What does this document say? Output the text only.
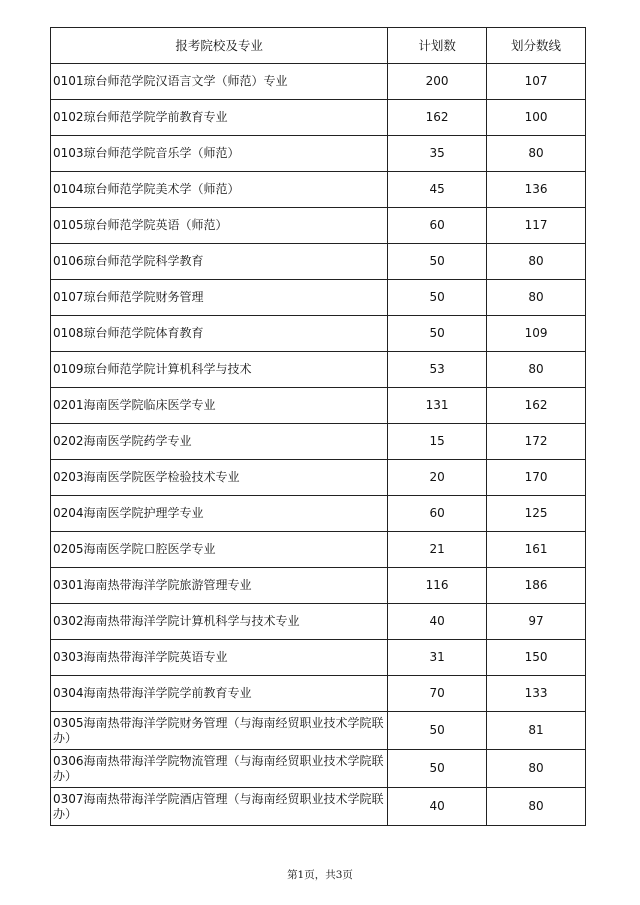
报考院校及专业	计划数	划分数线
0101琼台师范学院汉语言文学（师范）专业	200	107
0102琼台师范学院学前教育专业	162	100
0103琼台师范学院音乐学（师范）	35	80
0104琼台师范学院美术学（师范）	45	136
0105琼台师范学院英语（师范）	60	117
0106琼台师范学院科学教育	50	80
0107琼台师范学院财务管理	50	80
0108琼台师范学院体育教育	50	109
0109琼台师范学院计算机科学与技术	53	80
0201海南医学院临床医学专业	131	162
0202海南医学院药学专业	15	172
0203海南医学院医学检验技术专业	20	170
0204海南医学院护理学专业	60	125
0205海南医学院口腔医学专业	21	161
0301海南热带海洋学院旅游管理专业	116	186
0302海南热带海洋学院计算机科学与技术专业	40	97
0303海南热带海洋学院英语专业	31	150
0304海南热带海洋学院学前教育专业	70	133
0305海南热带海洋学院财务管理（与海南经贸职业技术学院联办）	50	81
0306海南热带海洋学院物流管理（与海南经贸职业技术学院联办）	50	80
0307海南热带海洋学院酒店管理（与海南经贸职业技术学院联办）	40	80
第1页，共3页
